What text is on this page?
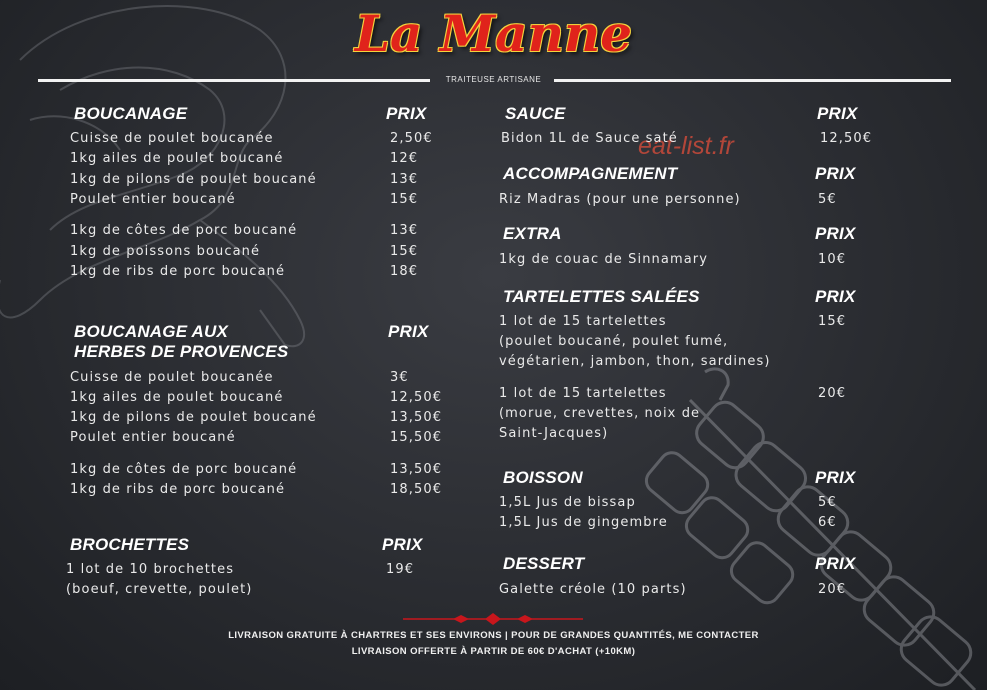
La Manne
TRAITEUSE ARTISANE
eat-list.fr
BOUCANAGE	PRIX
Cuisse de poulet boucanée	2,50€
1kg ailes de poulet boucané	12€
1kg de pilons de poulet boucané	13€
Poulet entier boucané	15€
1kg de côtes de porc boucané	13€
1kg de poissons boucané	15€
1kg de ribs de porc boucané	18€
BOUCANAGE AUX
HERBES DE PROVENCES
PRIX
Cuisse de poulet boucanée	3€
1kg ailes de poulet boucané	12,50€
1kg de pilons de poulet boucané	13,50€
Poulet entier boucané	15,50€
1kg de côtes de porc boucané	13,50€
1kg de ribs de porc boucané	18,50€
BROCHETTES	PRIX
1 lot de 10 brochettes
(boeuf, crevette, poulet)
19€
SAUCE	PRIX
Bidon 1L de Sauce saté	12,50€
ACCOMPAGNEMENT	PRIX
Riz Madras (pour une personne)	5€
EXTRA	PRIX
1kg de couac de Sinnamary	10€
TARTELETTES SALÉES	PRIX
1 lot de 15 tartelettes
(poulet boucané, poulet fumé,
végétarien, jambon, thon, sardines)
15€
1 lot de 15 tartelettes
(morue, crevettes, noix de
Saint-Jacques)
20€
BOISSON	PRIX
1,5L Jus de bissap	5€
1,5L Jus de gingembre	6€
DESSERT	PRIX
Galette créole (10 parts)	20€
LIVRAISON GRATUITE À CHARTRES ET SES ENVIRONS | POUR DE GRANDES QUANTITÉS, ME CONTACTER
LIVRAISON OFFERTE À PARTIR DE 60€ D'ACHAT (+10KM)
